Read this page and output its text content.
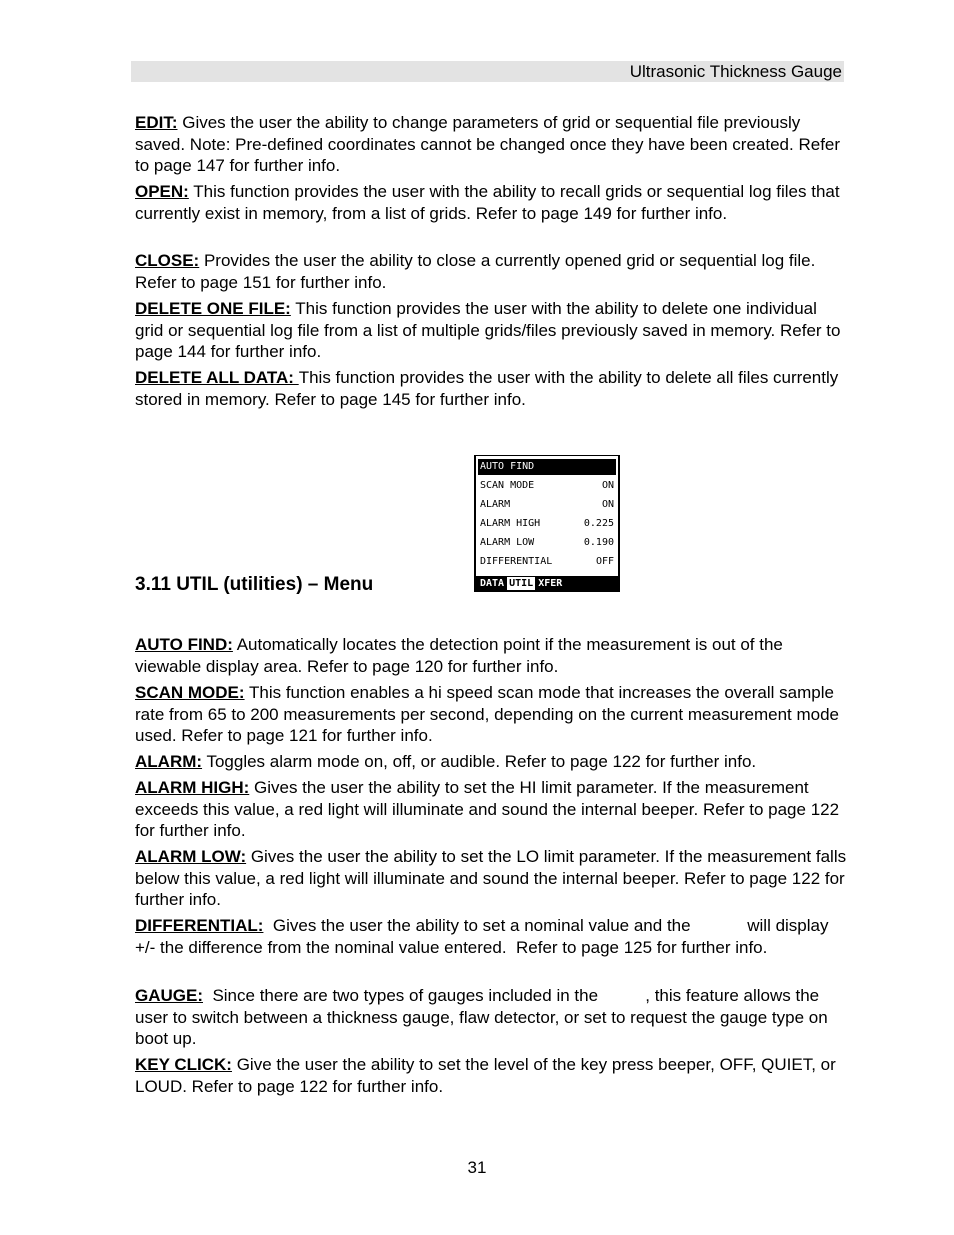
Ultrasonic Thickness Gauge

EDIT: Gives the user the ability to change parameters of grid or sequential file previously saved. Note: Pre-defined coordinates cannot be changed once they have been created. Refer to page 147 for further info.

OPEN: This function provides the user with the ability to recall grids or sequential log files that currently exist in memory, from a list of grids. Refer to page 149 for further info.

CLOSE: Provides the user the ability to close a currently opened grid or sequential log file. Refer to page 151 for further info.

DELETE ONE FILE: This function provides the user with the ability to delete one individual grid or sequential log file from a list of multiple grids/files previously saved in memory. Refer to page 144 for further info.

DELETE ALL DATA: This function provides the user with the ability to delete all files currently stored in memory. Refer to page 145 for further info.

AUTO FIND
SCAN MODE	ON
ALARM	ON
ALARM HIGH	0.225
ALARM LOW	0.190
DIFFERENTIAL	OFF
DATA UTIL XFER
3.11 UTIL (utilities) – Menu

AUTO FIND: Automatically locates the detection point if the measurement is out of the viewable display area. Refer to page 120 for further info.

SCAN MODE: This function enables a hi speed scan mode that increases the overall sample rate from 65 to 200 measurements per second, depending on the current measurement mode used. Refer to page 121 for further info.

ALARM: Toggles alarm mode on, off, or audible. Refer to page 122 for further info.

ALARM HIGH: Gives the user the ability to set the HI limit parameter. If the measurement exceeds this value, a red light will illuminate and sound the internal beeper. Refer to page 122 for further info.

ALARM LOW: Gives the user the ability to set the LO limit parameter. If the measurement falls below this value, a red light will illuminate and sound the internal beeper. Refer to page 122 for further info.

DIFFERENTIAL:  Gives the user the ability to set a nominal value and the            will display +/- the difference from the nominal value entered.  Refer to page 125 for further info.

GAUGE:  Since there are two types of gauges included in the          , this feature allows the user to switch between a thickness gauge, flaw detector, or set to request the gauge type on boot up.

KEY CLICK: Give the user the ability to set the level of the key press beeper, OFF, QUIET, or LOUD. Refer to page 122 for further info.

31
